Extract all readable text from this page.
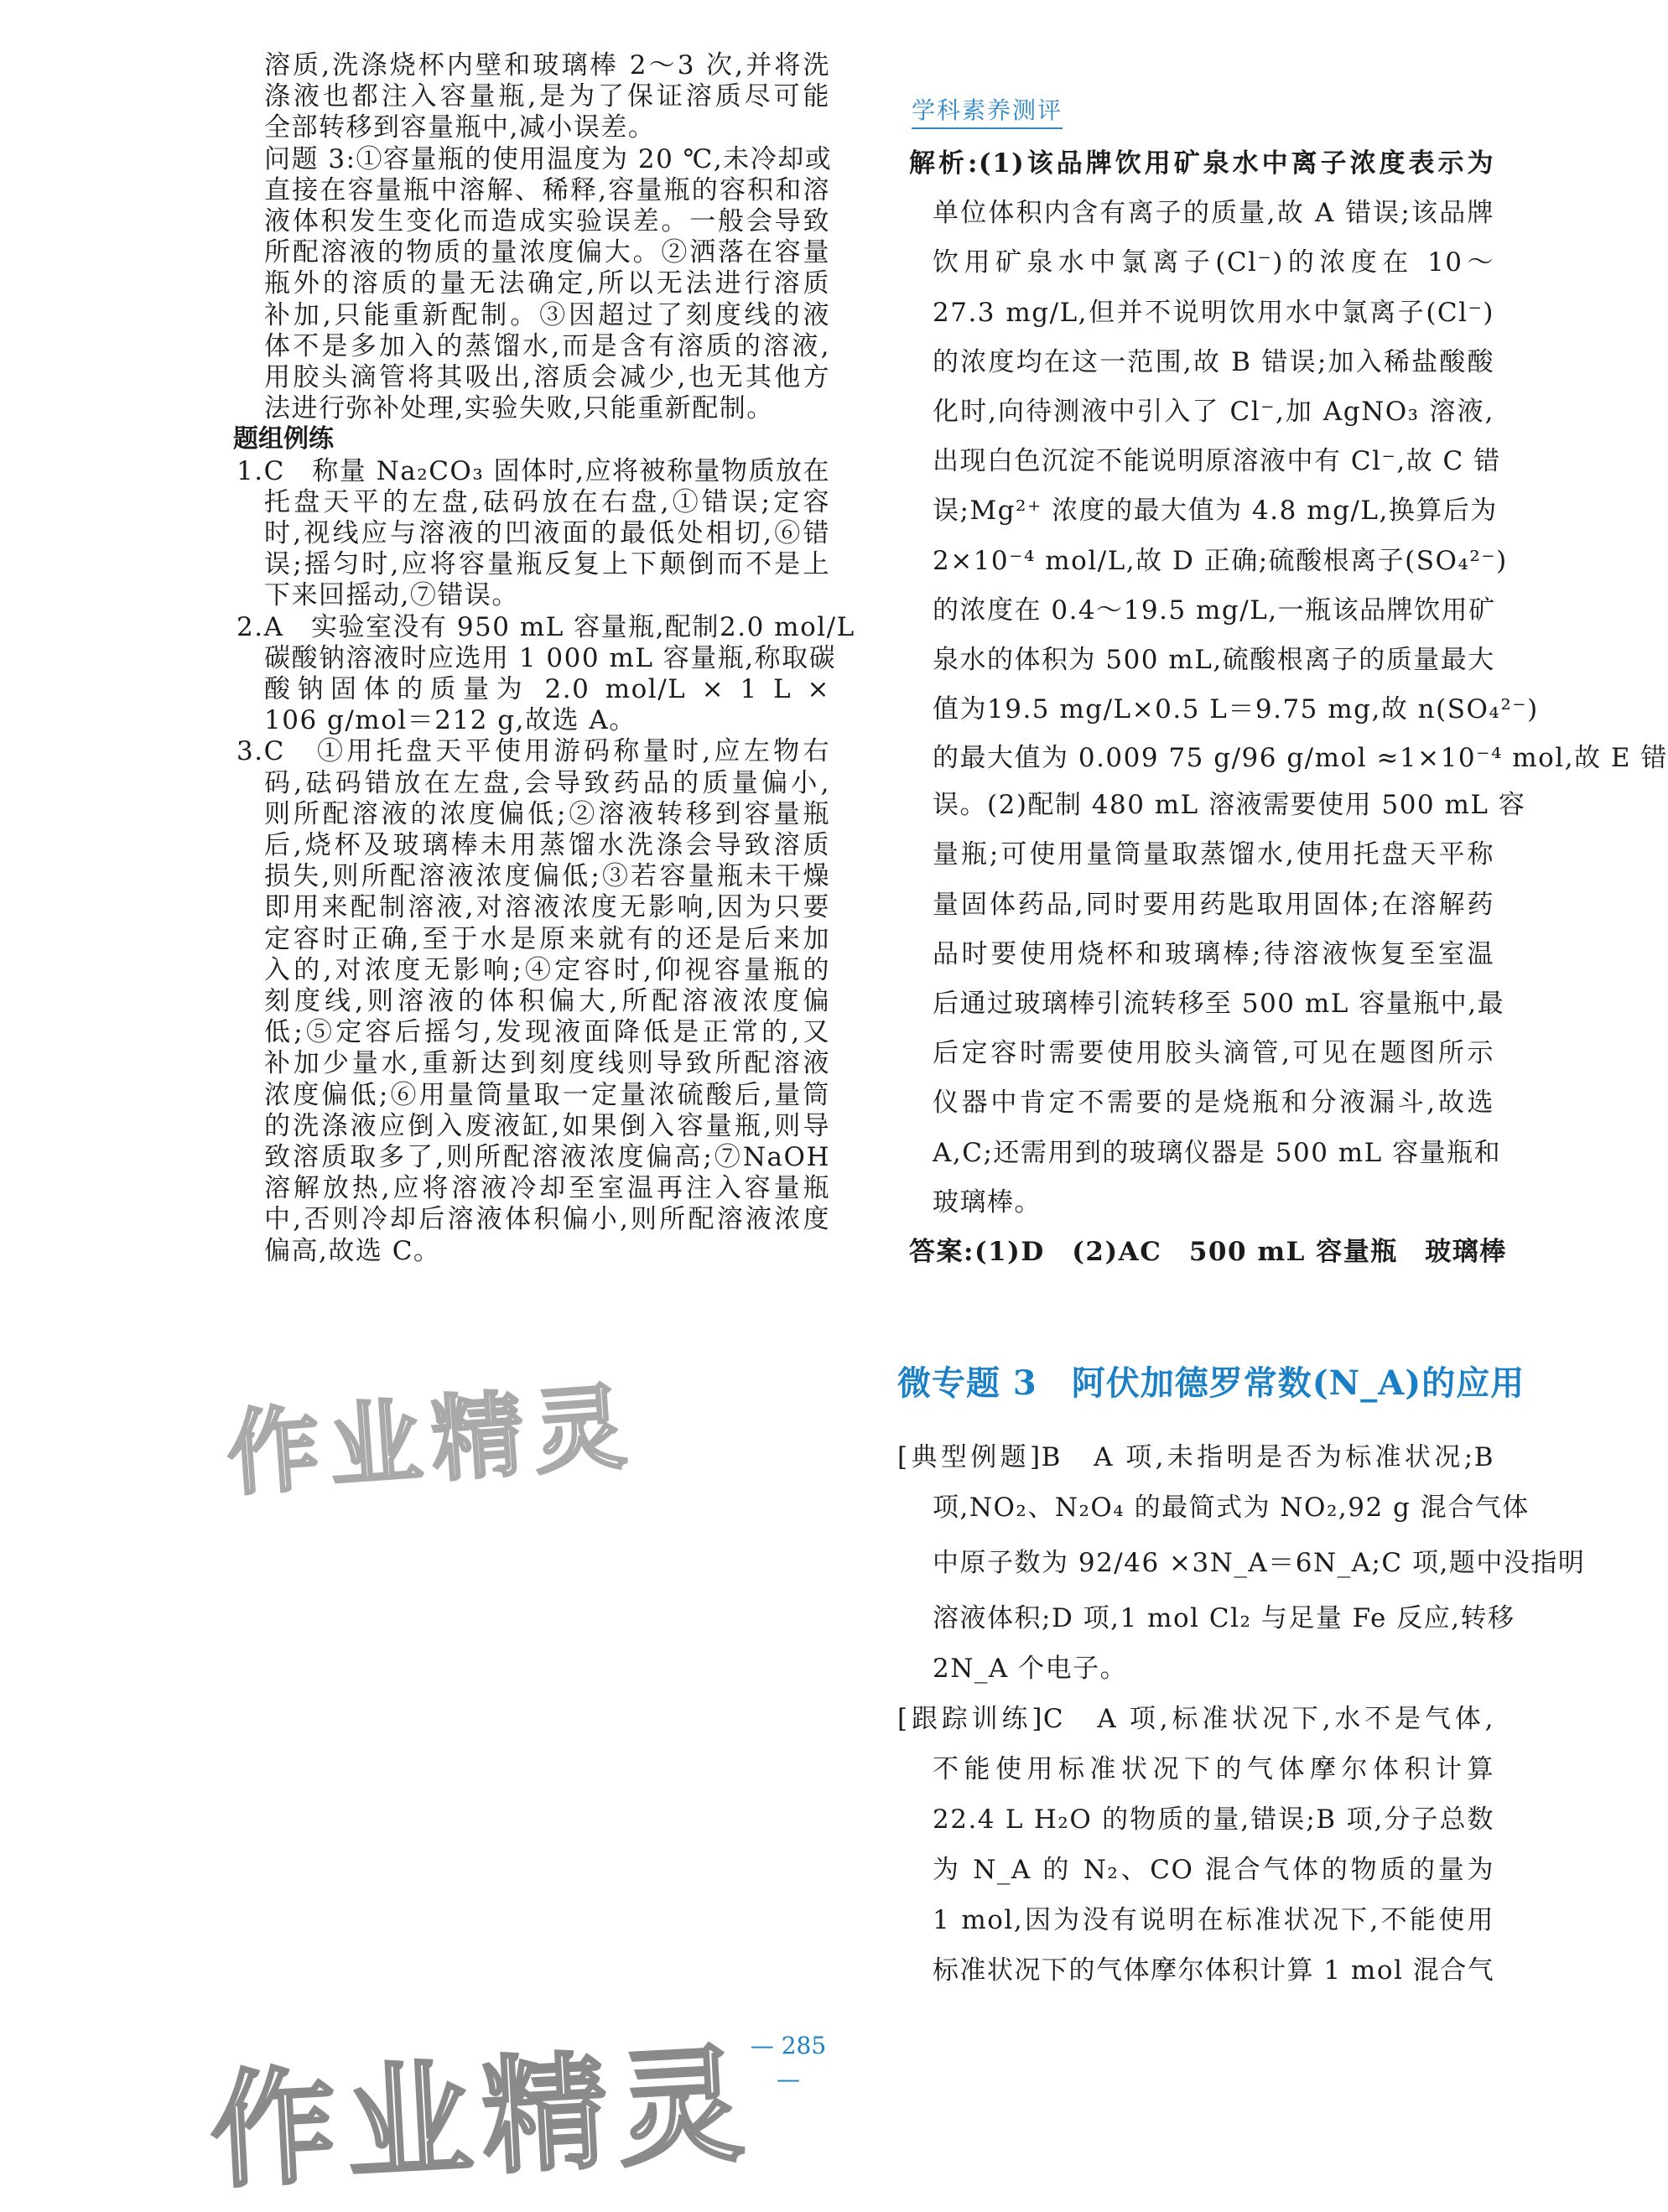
溶质,洗涤烧杯内壁和玻璃棒 2～3 次,并将洗
涤液也都注入容量瓶,是为了保证溶质尽可能
全部转移到容量瓶中,减小误差。
问题 3:①容量瓶的使用温度为 20 ℃,未冷却或
直接在容量瓶中溶解、稀释,容量瓶的容积和溶
液体积发生变化而造成实验误差。一般会导致
所配溶液的物质的量浓度偏大。②洒落在容量
瓶外的溶质的量无法确定,所以无法进行溶质
补加,只能重新配制。③因超过了刻度线的液
体不是多加入的蒸馏水,而是含有溶质的溶液,
用胶头滴管将其吸出,溶质会减少,也无其他方
法进行弥补处理,实验失败,只能重新配制。
题组例练
1.C　称量 Na₂CO₃ 固体时,应将被称量物质放在
托盘天平的左盘,砝码放在右盘,①错误;定容
时,视线应与溶液的凹液面的最低处相切,⑥错
误;摇匀时,应将容量瓶反复上下颠倒而不是上
下来回摇动,⑦错误。
2.A　实验室没有 950 mL 容量瓶,配制2.0 mol/L
碳酸钠溶液时应选用 1 000 mL 容量瓶,称取碳
酸钠固体的质量为 2.0 mol/L × 1 L ×
106 g/mol＝212 g,故选 A。
3.C　①用托盘天平使用游码称量时,应左物右
码,砝码错放在左盘,会导致药品的质量偏小,
则所配溶液的浓度偏低;②溶液转移到容量瓶
后,烧杯及玻璃棒未用蒸馏水洗涤会导致溶质
损失,则所配溶液浓度偏低;③若容量瓶未干燥
即用来配制溶液,对溶液浓度无影响,因为只要
定容时正确,至于水是原来就有的还是后来加
入的,对浓度无影响;④定容时,仰视容量瓶的
刻度线,则溶液的体积偏大,所配溶液浓度偏
低;⑤定容后摇匀,发现液面降低是正常的,又
补加少量水,重新达到刻度线则导致所配溶液
浓度偏低;⑥用量筒量取一定量浓硫酸后,量筒
的洗涤液应倒入废液缸,如果倒入容量瓶,则导
致溶质取多了,则所配溶液浓度偏高;⑦NaOH
溶解放热,应将溶液冷却至室温再注入容量瓶
中,否则冷却后溶液体积偏小,则所配溶液浓度
偏高,故选 C。
解析:(1)该品牌饮用矿泉水中离子浓度表示为
单位体积内含有离子的质量,故 A 错误;该品牌
饮用矿泉水中氯离子(Cl⁻)的浓度在 10～
27.3 mg/L,但并不说明饮用水中氯离子(Cl⁻)
的浓度均在这一范围,故 B 错误;加入稀盐酸酸
化时,向待测液中引入了 Cl⁻,加 AgNO₃ 溶液,
出现白色沉淀不能说明原溶液中有 Cl⁻,故 C 错
误;Mg²⁺ 浓度的最大值为 4.8 mg/L,换算后为
2×10⁻⁴ mol/L,故 D 正确;硫酸根离子(SO₄²⁻)
的浓度在 0.4～19.5 mg/L,一瓶该品牌饮用矿
泉水的体积为 500 mL,硫酸根离子的质量最大
值为19.5 mg/L×0.5 L＝9.75 mg,故 n(SO₄²⁻)
的最大值为 0.009 75 g/96 g/mol ≈1×10⁻⁴ mol,故 E 错
误。(2)配制 480 mL 溶液需要使用 500 mL 容
量瓶;可使用量筒量取蒸馏水,使用托盘天平称
量固体药品,同时要用药匙取用固体;在溶解药
品时要使用烧杯和玻璃棒;待溶液恢复至室温
后通过玻璃棒引流转移至 500 mL 容量瓶中,最
后定容时需要使用胶头滴管,可见在题图所示
仪器中肯定不需要的是烧瓶和分液漏斗,故选
A,C;还需用到的玻璃仪器是 500 mL 容量瓶和
玻璃棒。
答案:(1)D　(2)AC　500 mL 容量瓶　玻璃棒
[典型例题]B　A 项,未指明是否为标准状况;B
项,NO₂、N₂O₄ 的最简式为 NO₂,92 g 混合气体
中原子数为 92/46 ×3N_A＝6N_A;C 项,题中没指明
溶液体积;D 项,1 mol Cl₂ 与足量 Fe 反应,转移
2N_A 个电子。
[跟踪训练]C　A 项,标准状况下,水不是气体,
不能使用标准状况下的气体摩尔体积计算
22.4 L H₂O 的物质的量,错误;B 项,分子总数
为 N_A 的 N₂、CO 混合气体的物质的量为
1 mol,因为没有说明在标准状况下,不能使用
标准状况下的气体摩尔体积计算 1 mol 混合气
学科素养测评
微专题 3　阿伏加德罗常数(N_A)的应用
— 285 —
作业精灵
作业精灵
